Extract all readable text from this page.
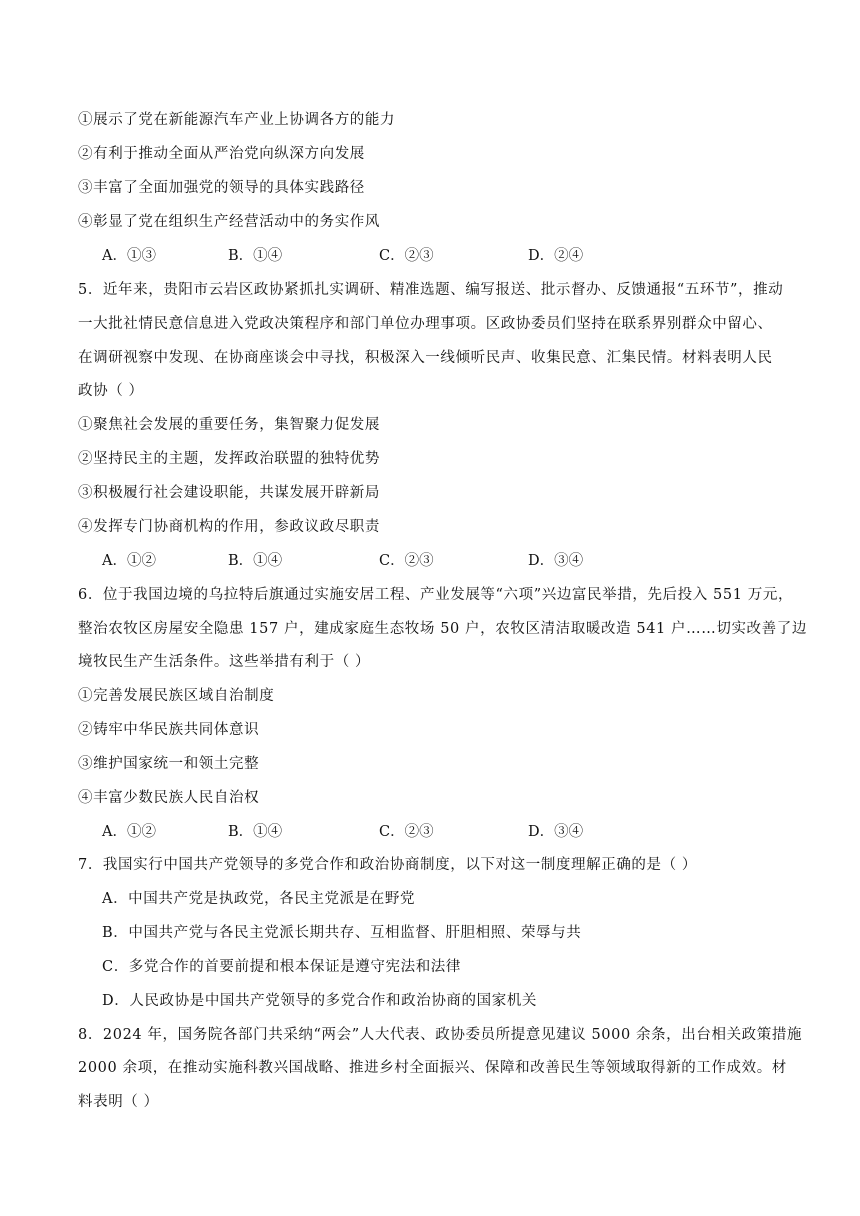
①展示了党在新能源汽车产业上协调各方的能力
②有利于推动全面从严治党向纵深方向发展
③丰富了全面加强党的领导的具体实践路径
④彰显了党在组织生产经营活动中的务实作风
A．①③	B．①④	C．②③	D．②④
5．近年来，贵阳市云岩区政协紧抓扎实调研、精准选题、编写报送、批示督办、反馈通报“五环节”，推动
一大批社情民意信息进入党政决策程序和部门单位办理事项。区政协委员们坚持在联系界别群众中留心、
在调研视察中发现、在协商座谈会中寻找，积极深入一线倾听民声、收集民意、汇集民情。材料表明人民
政协（ ）
①聚焦社会发展的重要任务，集智聚力促发展
②坚持民主的主题，发挥政治联盟的独特优势
③积极履行社会建设职能，共谋发展开辟新局
④发挥专门协商机构的作用，参政议政尽职责
A．①②	B．①④	C．②③	D．③④
6．位于我国边境的乌拉特后旗通过实施安居工程、产业发展等“六项”兴边富民举措，先后投入 551 万元，
整治农牧区房屋安全隐患 157 户，建成家庭生态牧场 50 户，农牧区清洁取暖改造 541 户……切实改善了边
境牧民生产生活条件。这些举措有利于（ ）
①完善发展民族区域自治制度
②铸牢中华民族共同体意识
③维护国家统一和领土完整
④丰富少数民族人民自治权
A．①②	B．①④	C．②③	D．③④
7．我国实行中国共产党领导的多党合作和政治协商制度，以下对这一制度理解正确的是（ ）
A．中国共产党是执政党，各民主党派是在野党
B．中国共产党与各民主党派长期共存、互相监督、肝胆相照、荣辱与共
C．多党合作的首要前提和根本保证是遵守宪法和法律
D．人民政协是中国共产党领导的多党合作和政治协商的国家机关
8．2024 年，国务院各部门共采纳“两会”人大代表、政协委员所提意见建议 5000 余条，出台相关政策措施
2000 余项，在推动实施科教兴国战略、推进乡村全面振兴、保障和改善民生等领域取得新的工作成效。材
料表明（ ）
